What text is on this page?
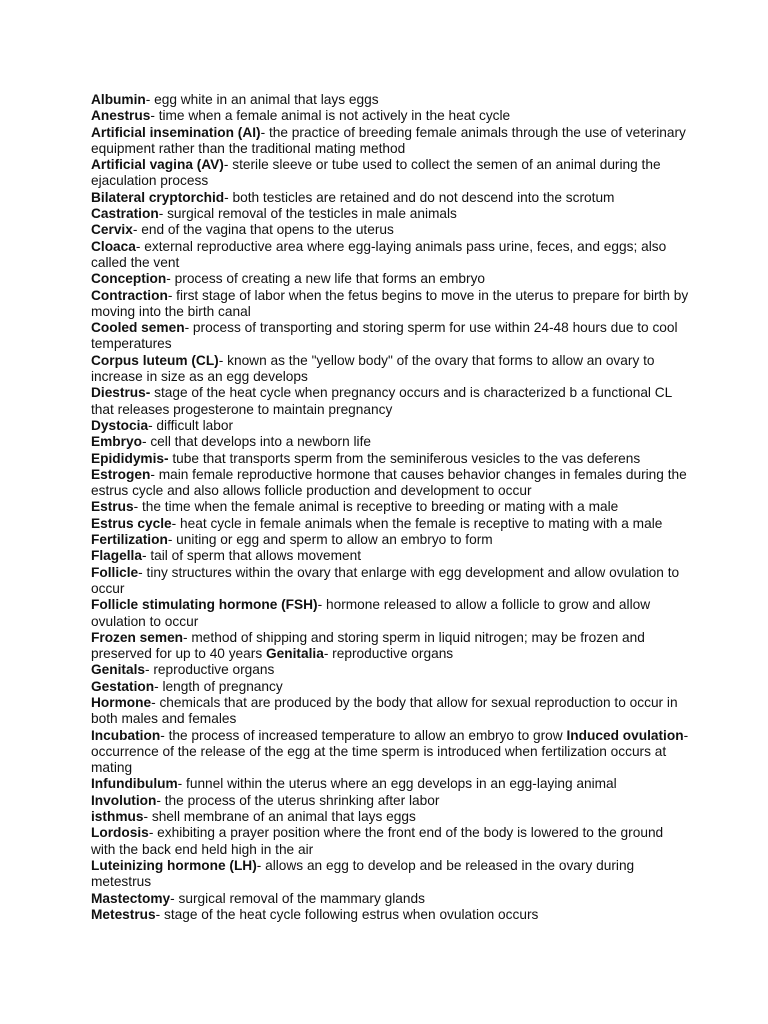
Albumin- egg white in an animal that lays eggs

Anestrus- time when a female animal is not actively in the heat cycle

Artificial insemination (AI)- the practice of breeding female animals through the use of veterinary equipment rather than the traditional mating method

Artificial vagina (AV)- sterile sleeve or tube used to collect the semen of an animal during the ejaculation process

Bilateral cryptorchid- both testicles are retained and do not descend into the scrotum

Castration- surgical removal of the testicles in male animals

Cervix- end of the vagina that opens to the uterus

Cloaca- external reproductive area where egg-laying animals pass urine, feces, and eggs; also called the vent

Conception- process of creating a new life that forms an embryo

Contraction- first stage of labor when the fetus begins to move in the uterus to prepare for birth by moving into the birth canal

Cooled semen- process of transporting and storing sperm for use within 24-48 hours due to cool temperatures

Corpus luteum (CL)- known as the "yellow body" of the ovary that forms to allow an ovary to increase in size as an egg develops

Diestrus- stage of the heat cycle when pregnancy occurs and is characterized b a functional CL that releases progesterone to maintain pregnancy

Dystocia- difficult labor

Embryo- cell that develops into a newborn life

Epididymis- tube that transports sperm from the seminiferous vesicles to the vas deferens

Estrogen- main female reproductive hormone that causes behavior changes in females during the estrus cycle and also allows follicle production and development to occur

Estrus- the time when the female animal is receptive to breeding or mating with a male

Estrus cycle- heat cycle in female animals when the female is receptive to mating with a male

Fertilization- uniting or egg and sperm to allow an embryo to form

Flagella- tail of sperm that allows movement

Follicle- tiny structures within the ovary that enlarge with egg development and allow ovulation to occur

Follicle stimulating hormone (FSH)- hormone released to allow a follicle to grow and allow ovulation to occur

Frozen semen- method of shipping and storing sperm in liquid nitrogen; may be frozen and preserved for up to 40 years Genitalia- reproductive organs

Genitals- reproductive organs

Gestation- length of pregnancy

Hormone- chemicals that are produced by the body that allow for sexual reproduction to occur in both males and females

Incubation- the process of increased temperature to allow an embryo to grow Induced ovulation- occurrence of the release of the egg at the time sperm is introduced when fertilization occurs at mating

Infundibulum- funnel within the uterus where an egg develops in an egg-laying animal

Involution- the process of the uterus shrinking after labor

isthmus- shell membrane of an animal that lays eggs

Lordosis- exhibiting a prayer position where the front end of the body is lowered to the ground with the back end held high in the air

Luteinizing hormone (LH)- allows an egg to develop and be released in the ovary during metestrus

Mastectomy- surgical removal of the mammary glands

Metestrus- stage of the heat cycle following estrus when ovulation occurs
